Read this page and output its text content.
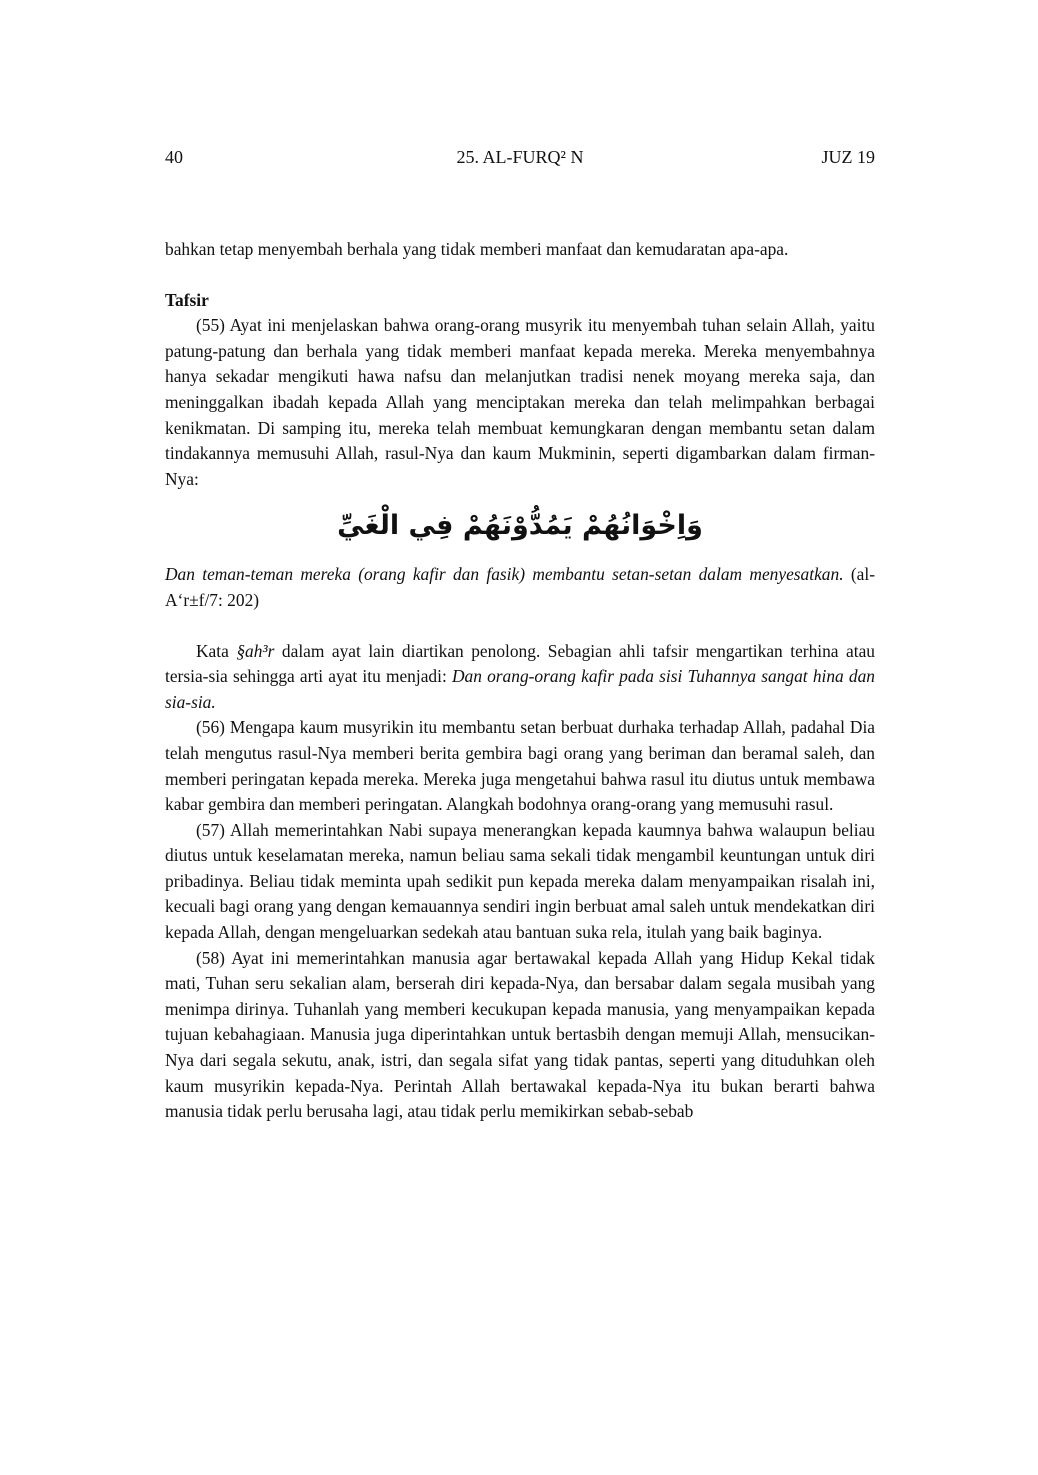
40	25. AL-FURQ² N	JUZ 19

bahkan tetap menyembah berhala yang tidak memberi manfaat dan kemudaratan apa-apa.

Tafsir

(55) Ayat ini menjelaskan bahwa orang-orang musyrik itu menyembah tuhan selain Allah, yaitu patung-patung dan berhala yang tidak memberi manfaat kepada mereka. Mereka menyembahnya hanya sekadar mengikuti hawa nafsu dan melanjutkan tradisi nenek moyang mereka saja, dan meninggalkan ibadah kepada Allah yang menciptakan mereka dan telah melimpahkan berbagai kenikmatan. Di samping itu, mereka telah membuat kemungkaran dengan membantu setan dalam tindakannya memusuhi Allah, rasul-Nya dan kaum Mukminin, seperti digambarkan dalam firman-Nya:

وَاِخْوَانُهُمْ يَمُدُّوْنَهُمْ فِي الْغَيِّ

Dan teman-teman mereka (orang kafir dan fasik) membantu setan-setan dalam menyesatkan. (al-A‘r±f/7: 202)

Kata §ah³r dalam ayat lain diartikan penolong. Sebagian ahli tafsir mengartikan terhina atau tersia-sia sehingga arti ayat itu menjadi: Dan orang-orang kafir pada sisi Tuhannya sangat hina dan sia-sia.

(56) Mengapa kaum musyrikin itu membantu setan berbuat durhaka terhadap Allah, padahal Dia telah mengutus rasul-Nya memberi berita gembira bagi orang yang beriman dan beramal saleh, dan memberi peringatan kepada mereka. Mereka juga mengetahui bahwa rasul itu diutus untuk membawa kabar gembira dan memberi peringatan. Alangkah bodohnya orang-orang yang memusuhi rasul.

(57) Allah memerintahkan Nabi supaya menerangkan kepada kaumnya bahwa walaupun beliau diutus untuk keselamatan mereka, namun beliau sama sekali tidak mengambil keuntungan untuk diri pribadinya. Beliau tidak meminta upah sedikit pun kepada mereka dalam menyampaikan risalah ini, kecuali bagi orang yang dengan kemauannya sendiri ingin berbuat amal saleh untuk mendekatkan diri kepada Allah, dengan mengeluarkan sedekah atau bantuan suka rela, itulah yang baik baginya.

(58) Ayat ini memerintahkan manusia agar bertawakal kepada Allah yang Hidup Kekal tidak mati, Tuhan seru sekalian alam, berserah diri kepada-Nya, dan bersabar dalam segala musibah yang menimpa dirinya. Tuhanlah yang memberi kecukupan kepada manusia, yang menyampaikan kepada tujuan kebahagiaan. Manusia juga diperintahkan untuk bertasbih dengan memuji Allah, mensucikan-Nya dari segala sekutu, anak, istri, dan segala sifat yang tidak pantas, seperti yang dituduhkan oleh kaum musyrikin kepada-Nya. Perintah Allah bertawakal kepada-Nya itu bukan berarti bahwa manusia tidak perlu berusaha lagi, atau tidak perlu memikirkan sebab-sebab
